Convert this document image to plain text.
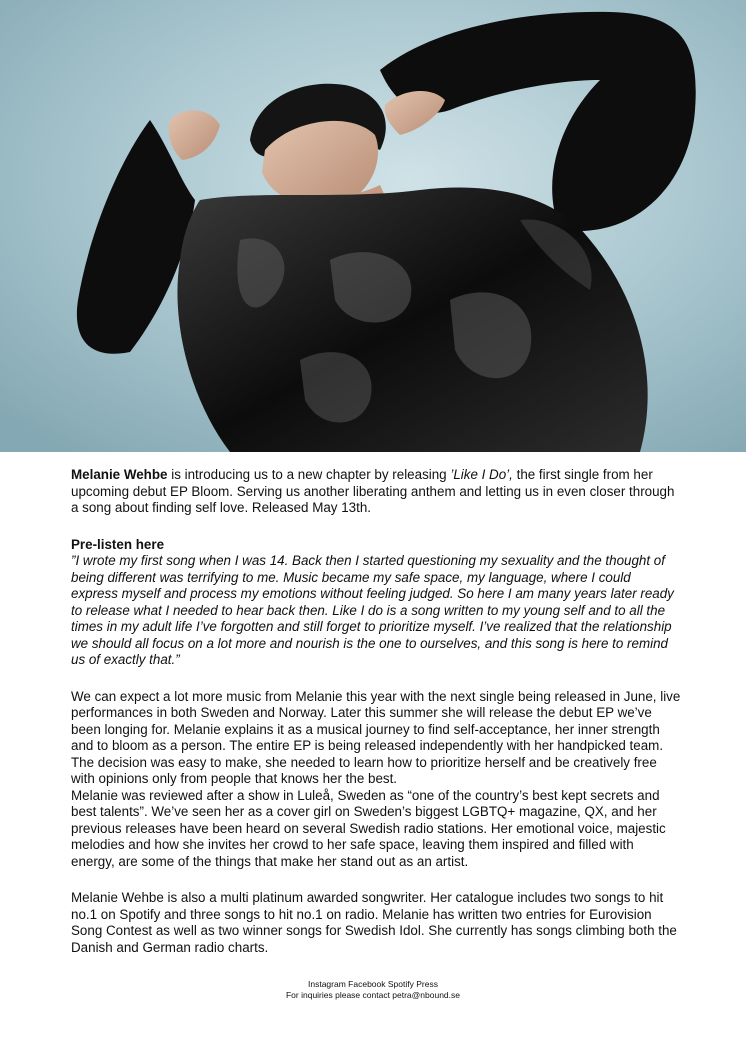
Melanie Wehbe is introducing us to a new chapter by releasing ’Like I Do’, the first single from her upcoming debut EP Bloom. Serving us another liberating anthem and letting us in even closer through a song about finding self love. Released May 13th.

Pre-listen here

”I wrote my first song when I was 14. Back then I started questioning my sexuality and the thought of being different was terrifying to me. Music became my safe space, my language, where I could express myself and process my emotions without feeling judged. So here I am many years later ready to release what I needed to hear back then. Like I do is a song written to my young self and to all the times in my adult life I’ve forgotten and still forget to prioritize myself. I’ve realized that the relationship we should all focus on a lot more and nourish is the one to ourselves, and this song is here to remind us of exactly that.”

We can expect a lot more music from Melanie this year with the next single being released in June, live performances in both Sweden and Norway. Later this summer she will release the debut EP we’ve been longing for. Melanie explains it as a musical journey to find self-acceptance, her inner strength and to bloom as a person. The entire EP is being released independently with her handpicked team. The decision was easy to make, she needed to learn how to prioritize herself and be creatively free with opinions only from people that knows her the best.

Melanie was reviewed after a show in Luleå, Sweden as “one of the country’s best kept secrets and best talents”. We’ve seen her as a cover girl on Sweden’s biggest LGBTQ+ magazine, QX, and her previous releases have been heard on several Swedish radio stations. Her emotional voice, majestic melodies and how she invites her crowd to her safe space, leaving them inspired and filled with energy, are some of the things that make her stand out as an artist.

Melanie Wehbe is also a multi platinum awarded songwriter. Her catalogue includes two songs to hit no.1 on Spotify and three songs to hit no.1 on radio. Melanie has written two entries for Eurovision Song Contest as well as two winner songs for Swedish Idol. She currently has songs climbing both the Danish and German radio charts.

Instagram Facebook Spotify Press
For inquiries please contact petra@nbound.se
